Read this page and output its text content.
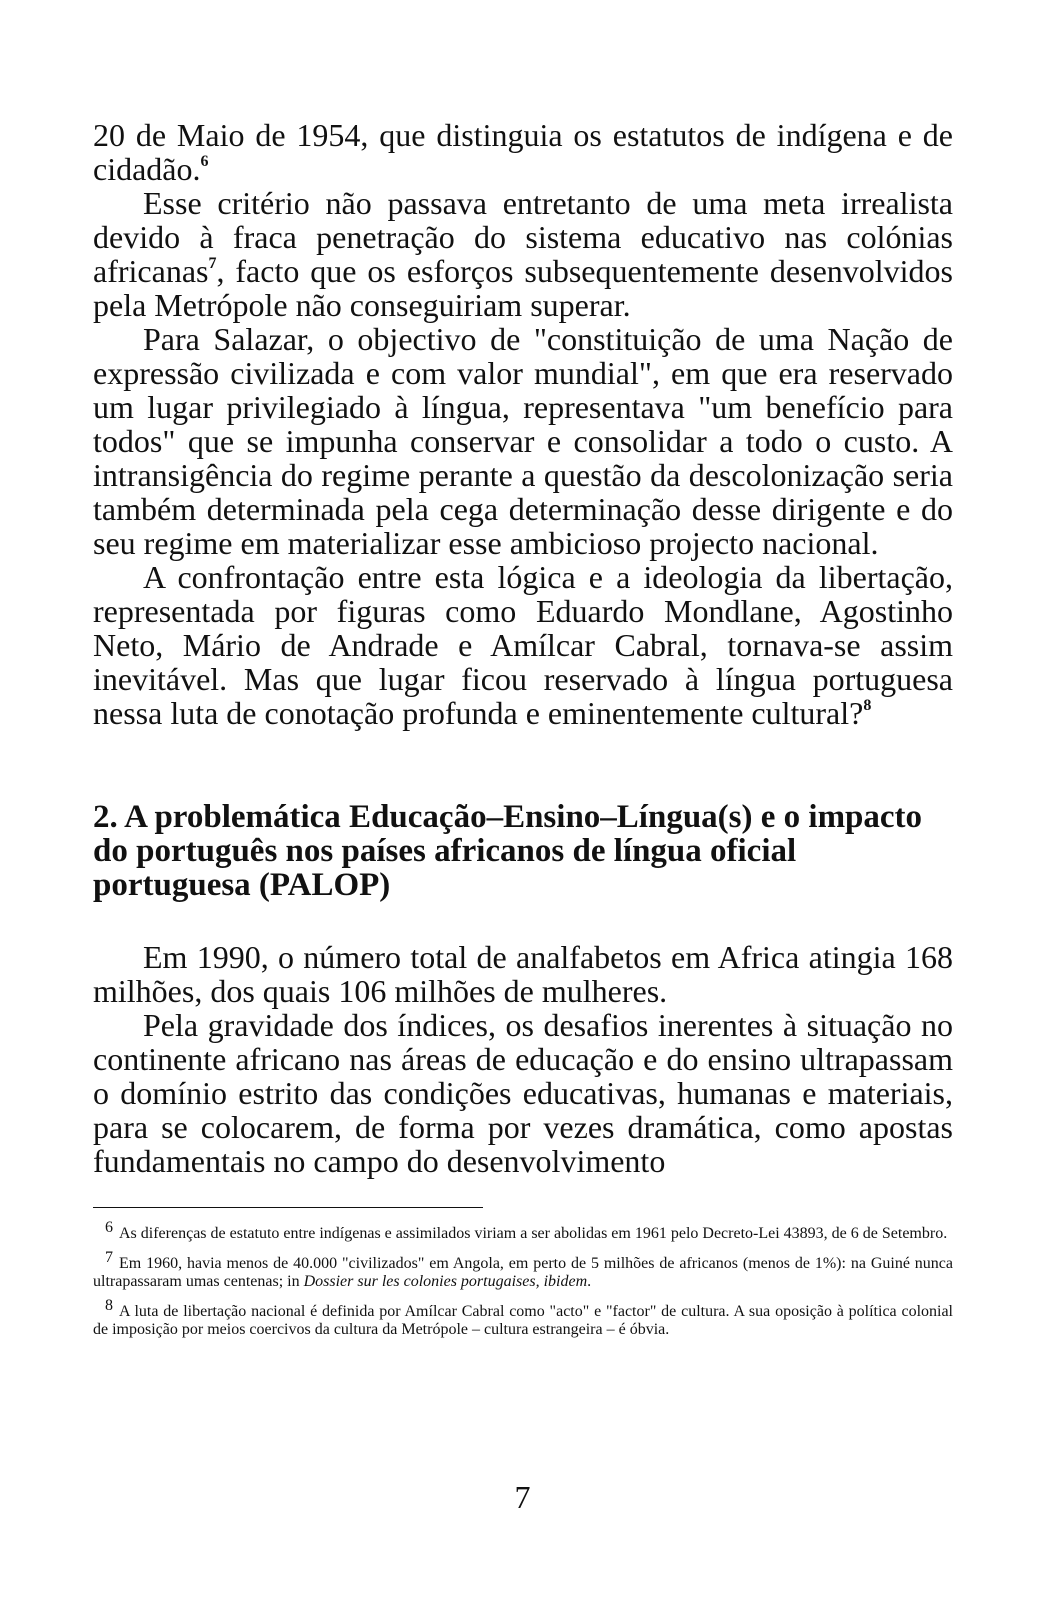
20 de Maio de 1954, que distinguia os estatutos de indígena e de cidadão.$^6$

Esse critério não passava entretanto de uma meta irrealista devido à fraca penetração do sistema educativo nas colónias africanas$^7$, facto que os esforços subsequentemente desenvolvidos pela Metrópole não conseguiriam superar.

Para Salazar, o objectivo de "constituição de uma Nação de expressão civilizada e com valor mundial", em que era reservado um lugar privilegiado à língua, representava "um benefício para todos" que se impunha conservar e consolidar a todo o custo. A intransigência do regime perante a questão da descolonização seria também determinada pela cega determinação desse dirigente e do seu regime em materializar esse ambicioso projecto nacional.

A confrontação entre esta lógica e a ideologia da libertação, representada por figuras como Eduardo Mondlane, Agostinho Neto, Mário de Andrade e Amílcar Cabral, tornava-se assim inevitável. Mas que lugar ficou reservado à língua portuguesa nessa luta de conotação profunda e eminentemente cultural?$^8$

2. A problemática Educação–Ensino–Língua(s) e o impacto do português nos países africanos de língua oficial portuguesa (PALOP)

Em 1990, o número total de analfabetos em Africa atingia 168 milhões, dos quais 106 milhões de mulheres.

Pela gravidade dos índices, os desafios inerentes à situação no continente africano nas áreas de educação e do ensino ultrapassam o domínio estrito das condições educativas, humanas e materiais, para se colocarem, de forma por vezes dramática, como apostas fundamentais no campo do desenvolvimento

6 As diferenças de estatuto entre indígenas e assimilados viriam a ser abolidas em 1961 pelo Decreto-Lei 43893, de 6 de Setembro.

7 Em 1960, havia menos de 40.000 "civilizados" em Angola, em perto de 5 milhões de africanos (menos de 1%): na Guiné nunca ultrapassaram umas centenas; in Dossier sur les colonies portugaises, ibidem.

8 A luta de libertação nacional é definida por Amílcar Cabral como "acto" e "factor" de cultura. A sua oposição à política colonial de imposição por meios coercivos da cultura da Metrópole – cultura estrangeira – é óbvia.

7
